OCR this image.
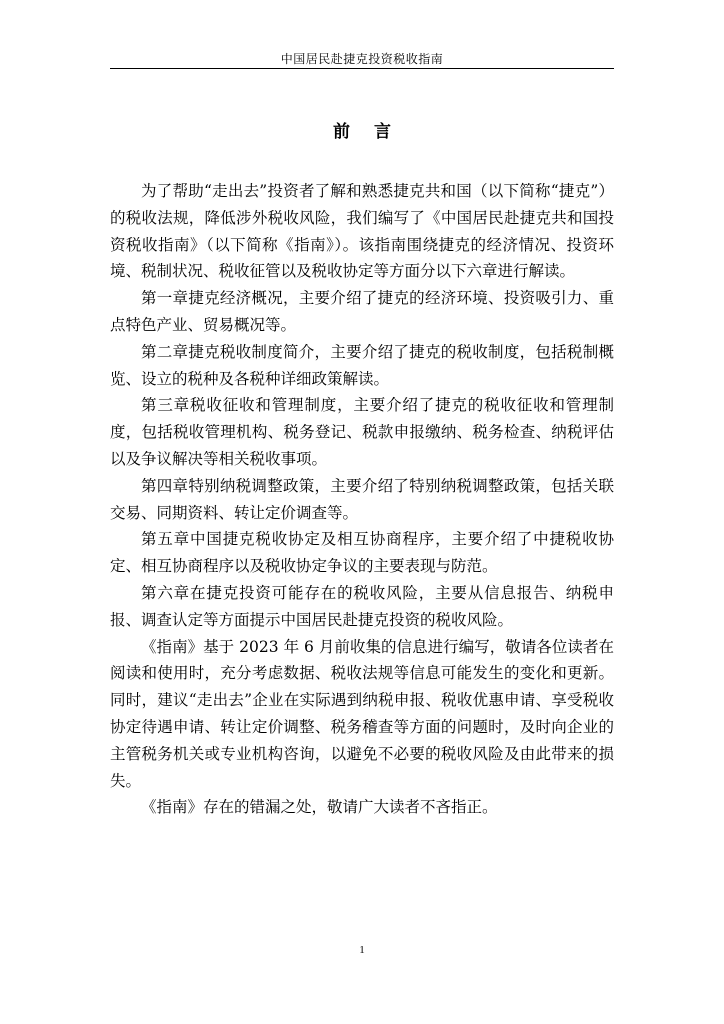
中国居民赴捷克投资税收指南
前言

为了帮助“走出去”投资者了解和熟悉捷克共和国（以下简称“捷克”）的税收法规，降低涉外税收风险，我们编写了《中国居民赴捷克共和国投资税收指南》（以下简称《指南》）。该指南围绕捷克的经济情况、投资环境、税制状况、税收征管以及税收协定等方面分以下六章进行解读。

第一章捷克经济概况，主要介绍了捷克的经济环境、投资吸引力、重点特色产业、贸易概况等。

第二章捷克税收制度简介，主要介绍了捷克的税收制度，包括税制概览、设立的税种及各税种详细政策解读。

第三章税收征收和管理制度，主要介绍了捷克的税收征收和管理制度，包括税收管理机构、税务登记、税款申报缴纳、税务检查、纳税评估以及争议解决等相关税收事项。

第四章特别纳税调整政策，主要介绍了特别纳税调整政策，包括关联交易、同期资料、转让定价调查等。

第五章中国捷克税收协定及相互协商程序，主要介绍了中捷税收协定、相互协商程序以及税收协定争议的主要表现与防范。

第六章在捷克投资可能存在的税收风险，主要从信息报告、纳税申报、调查认定等方面提示中国居民赴捷克投资的税收风险。

《指南》基于 2023 年 6 月前收集的信息进行编写，敬请各位读者在阅读和使用时，充分考虑数据、税收法规等信息可能发生的变化和更新。同时，建议“走出去”企业在实际遇到纳税申报、税收优惠申请、享受税收协定待遇申请、转让定价调整、税务稽查等方面的问题时，及时向企业的主管税务机关或专业机构咨询，以避免不必要的税收风险及由此带来的损失。

《指南》存在的错漏之处，敬请广大读者不吝指正。

1
